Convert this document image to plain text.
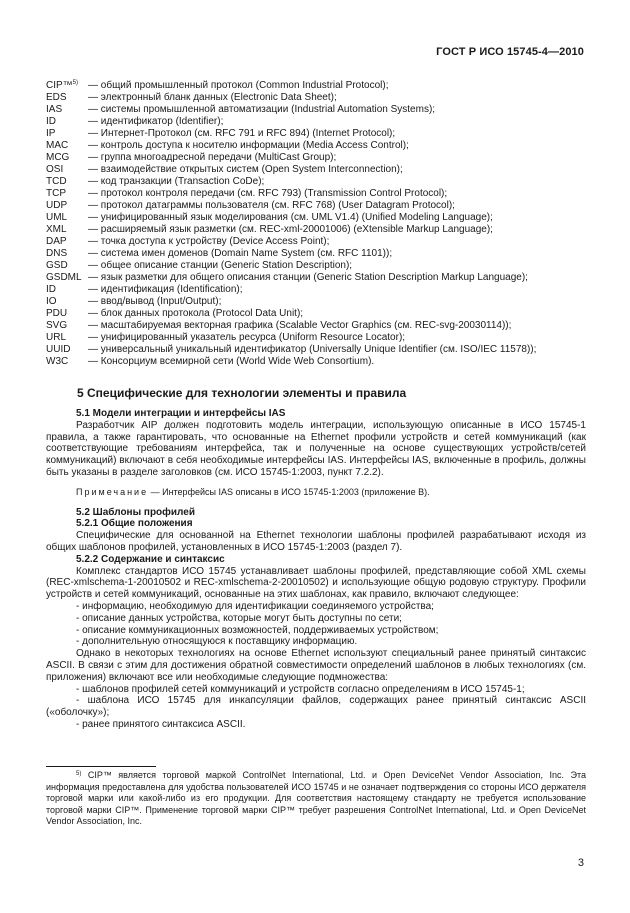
ГОСТ Р ИСО 15745-4—2010
CIP™$^{5)}$ — общий промышленный протокол (Common Industrial Protocol);
EDS	— электронный бланк данных (Electronic Data Sheet);
IAS	— системы промышленной автоматизации (Industrial Automation Systems);
ID	— идентификатор (Identifier);
IP	— Интернет-Протокол (см. RFC 791 и RFC 894) (Internet Protocol);
MAC	— контроль доступа к носителю информации (Media Access Control);
MCG	— группа многоадресной передачи (MultiCast Group);
OSI	— взаимодействие открытых систем (Open System Interconnection);
TCD	— код транзакции (Transaction CoDe);
TCP	— протокол контроля передачи (см. RFC 793) (Transmission Control Protocol);
UDP	— протокол датаграммы пользователя (см. RFC 768) (User Datagram Protocol);
UML	— унифицированный язык моделирования (см. UML V1.4) (Unified Modeling Language);
XML	— расширяемый язык разметки (см. REC-xml-20001006) (eXtensible Markup Language);
DAP	— точка доступа к устройству (Device Access Point);
DNS	— система имен доменов (Domain Name System (см. RFC 1101));
GSD	— общее описание станции (Generic Station Description);
GSDML — язык разметки для общего описания станции (Generic Station Description Markup Language);
ID	— идентификация (Identification);
IO	— ввод/вывод (Input/Output);
PDU	— блок данных протокола (Protocol Data Unit);
SVG	— масштабируемая векторная графика (Scalable Vector Graphics (см. REC-svg-20030114));
URL	— унифицированный указатель ресурса (Uniform Resource Locator);
UUID	— универсальный уникальный идентификатор (Universally Unique Identifier (см. ISO/IEC 11578));
W3C	— Консорциум всемирной сети (World Wide Web Consortium).
5 Специфические для технологии элементы и правила

5.1 Модели интеграции и интерфейсы IAS

Разработчик AIP должен подготовить модель интеграции, использующую описанные в ИСО 15745-1 правила, а также гарантировать, что основанные на Ethernet профили устройств и сетей коммуникаций (как соответствующие требованиям интерфейса, так и полученные на основе существующих устройств/сетей коммуникаций) включают в себя необходимые интерфейсы IAS. Интерфейсы IAS, включенные в профиль, должны быть указаны в разделе заголовков (см. ИСО 15745-1:2003, пункт 7.2.2).

Примечание — Интерфейсы IAS описаны в ИСО 15745-1:2003 (приложение B).

5.2 Шаблоны профилей

5.2.1 Общие положения

Специфические для основанной на Ethernet технологии шаблоны профилей разрабатывают исходя из общих шаблонов профилей, установленных в ИСО 15745-1:2003 (раздел 7).

5.2.2 Содержание и синтаксис

Комплекс стандартов ИСО 15745 устанавливает шаблоны профилей, представляющие собой XML схемы (REC-xmlschema-1-20010502 и REC-xmlschema-2-20010502) и использующие общую родовую структуру. Профили устройств и сетей коммуникаций, основанные на этих шаблонах, как правило, включают следующее:

- информацию, необходимую для идентификации соединяемого устройства;

- описание данных устройства, которые могут быть доступны по сети;

- описание коммуникационных возможностей, поддерживаемых устройством;

- дополнительную относящуюся к поставщику информацию.

Однако в некоторых технологиях на основе Ethernet используют специальный ранее принятый синтаксис ASCII. В связи с этим для достижения обратной совместимости определений шаблонов в любых технологиях (см. приложения) включают все или необходимые следующие подмножества:

- шаблонов профилей сетей коммуникаций и устройств согласно определениям в ИСО 15745-1;

- шаблона ИСО 15745 для инкапсуляции файлов, содержащих ранее принятый синтаксис ASCII («оболочку»);

- ранее принятого синтаксиса ASCII.

$^{5)}$ CIP™ является торговой маркой ControlNet International, Ltd. и Open DeviceNet Vendor Association, Inc. Эта информация предоставлена для удобства пользователей ИСО 15745 и не означает подтверждения со стороны ИСО держателя торговой марки или какой-либо из его продукции. Для соответствия настоящему стандарту не требуется использование торговой марки CIP™. Применение торговой марки CIP™ требует разрешения ControlNet International, Ltd. и Open DeviceNet Vendor Association, Inc.
3
